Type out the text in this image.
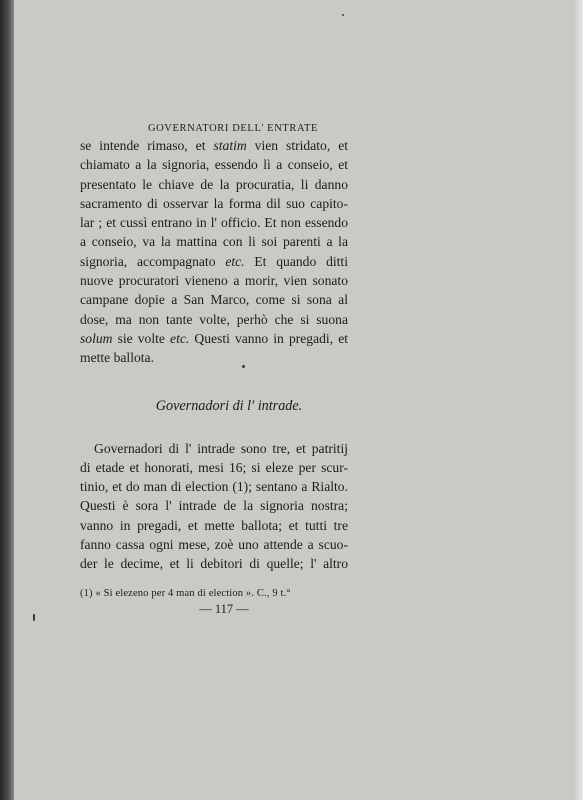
GOVERNATORI DELL' ENTRATE
se intende rimaso, et statim vien stridato, et
chiamato a la signoria, essendo lì a conseio, et
presentato le chiave de la procuratia, li danno
sacramento di osservar la forma dil suo capito-
lar ; et cussì entrano in l' officio. Et non essendo
a conseio, va la mattina con li soi parenti a la
signoria, accompagnato etc. Et quando ditti
nuove procuratori vieneno a morir, vien sonato
campane dopie a San Marco, come si sona al
dose, ma non tante volte, perhò che si suona
solum sie volte etc. Questi vanno in pregadi, et
mette ballota.
Governadori di l' intrade.
Governadori di l' intrade sono tre, et patritij
di etade et honorati, mesi 16; si eleze per scur-
tinio, et do man di election (1); sentano a Rialto.
Questi è sora l' intrade de la signoria nostra;
vanno in pregadi, et mette ballota; et tutti tre
fanno cassa ogni mese, zoè uno attende a scuo-
der le decime, et li debitori di quelle; l' altro
(1) « Si elezeno per 4 man di election ». C., 9 t.°
— 117 —
